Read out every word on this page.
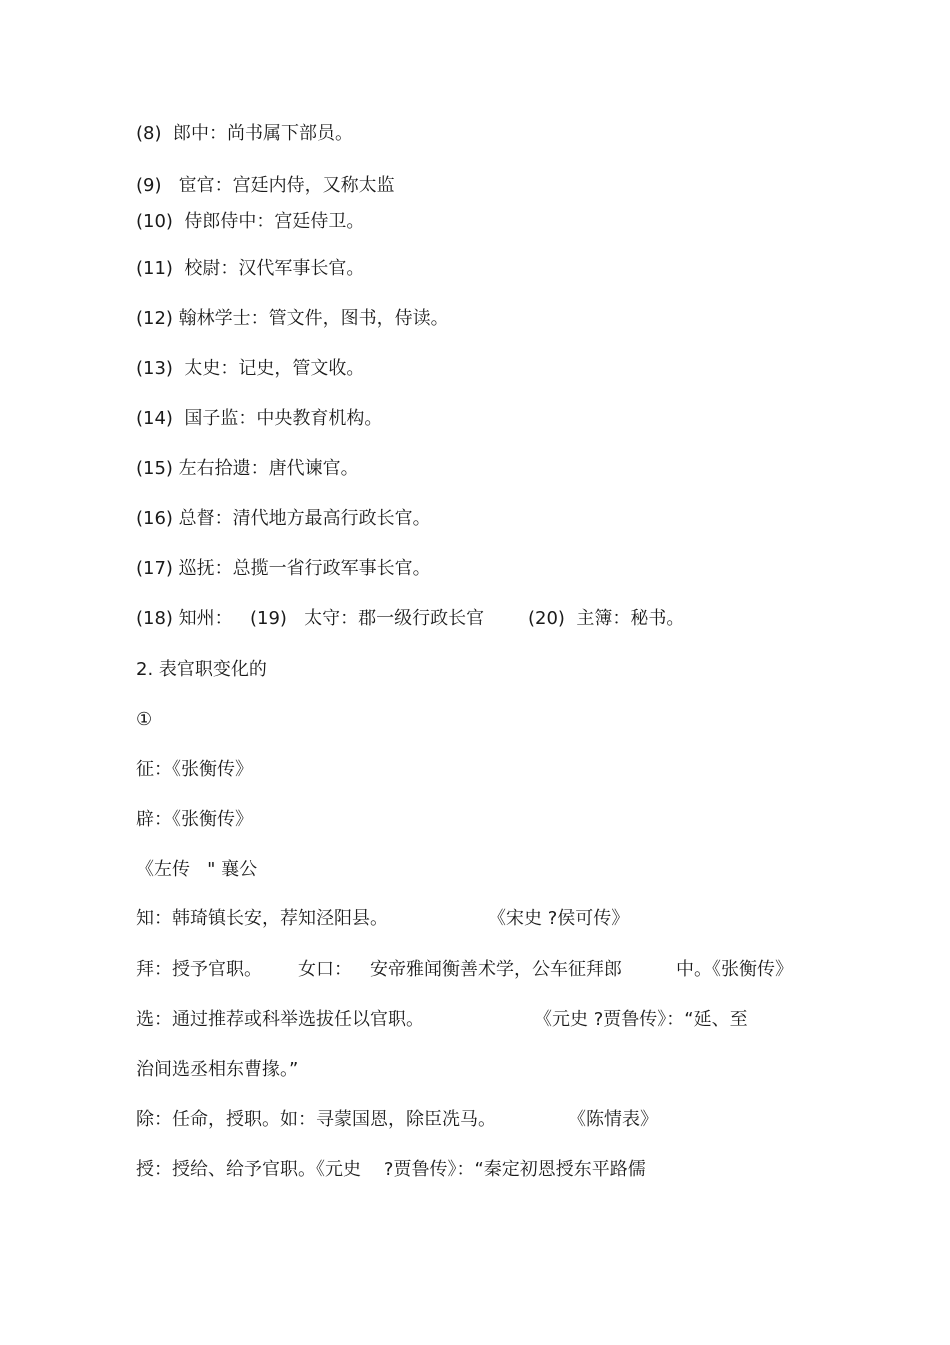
(8)  郎中：尚书属下部员。
(9)   宦官：宫廷内侍，又称太监
(10)  侍郎侍中：宫廷侍卫。
(11)  校尉：汉代军事长官。
(12) 翰林学士：管文件，图书，侍读。
(13)  太史：记史，管文收。
(14)  国子监：中央教育机构。
(15) 左右拾遗：唐代谏官。
(16) 总督：清代地方最高行政长官。
(17) 巡抚：总揽一省行政军事长官。
(18) 知州： (19)   太守：郡一级行政长官 (20)  主簿：秘书。
2. 表官职变化的
①
征：《张衡传》
辟：《张衡传》
《左传   " 襄公
知：韩琦镇长安，荐知泾阳县。	《宋史 ?侯可传》
拜：授予官职。 女口： 安帝雅闻衡善术学，公车征拜郎	中。《张衡传》
选：通过推荐或科举选拔任以官职。	《元史 ?贾鲁传》：“延、至
治间选丞相东曹掾。”
除：任命，授职。如：寻蒙国恩，除臣冼马。	《陈情表》
授：授给、给予官职。《元史    ?贾鲁传》：“秦定初恩授东平路儒
